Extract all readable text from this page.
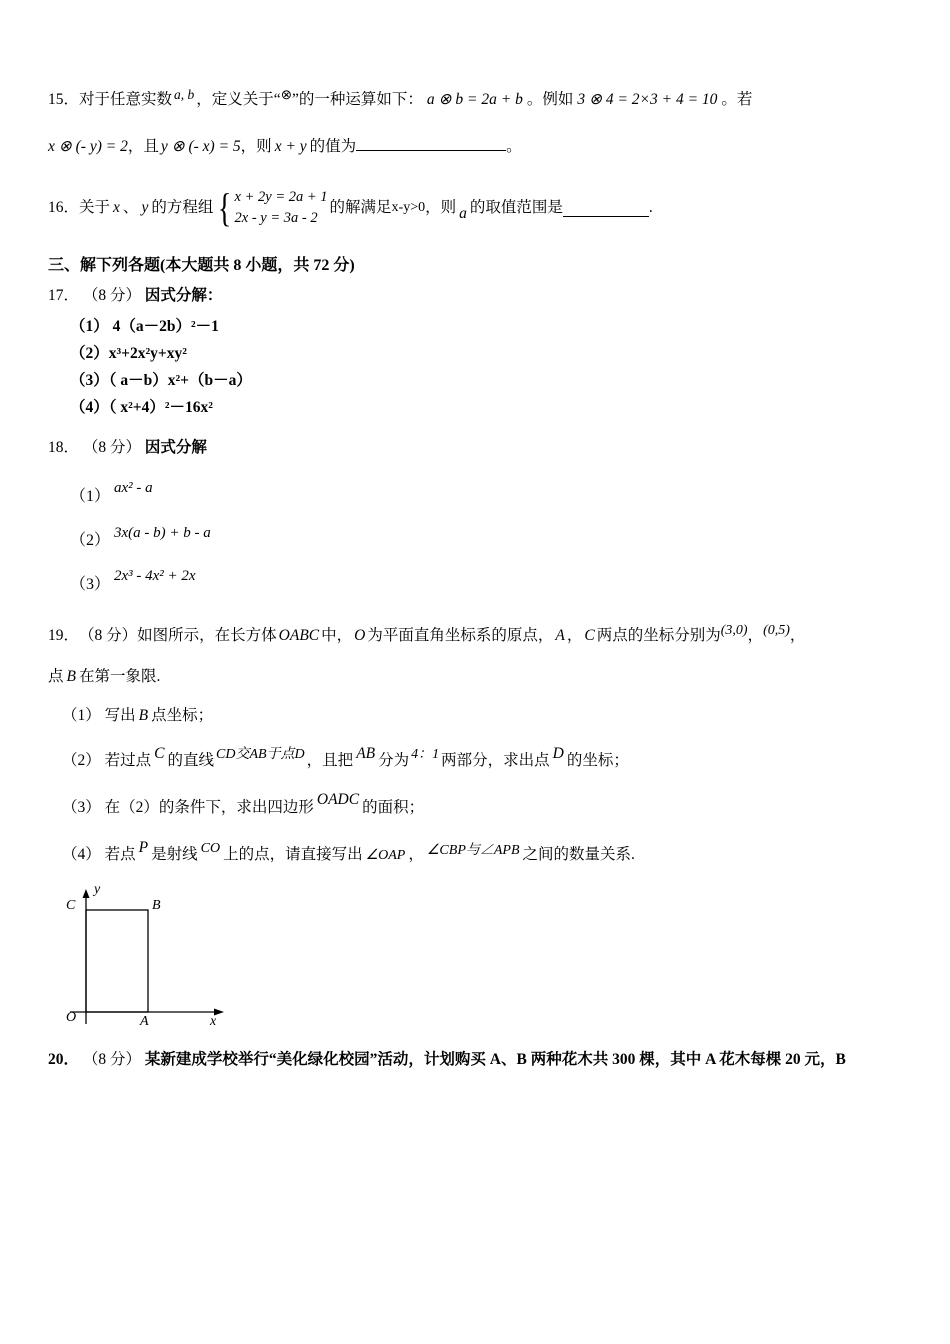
15． 对于任意实数 a, b ，定义关于 “ ⊗ ” 的一种运算如下： a ⊗ b = 2a + b 。例如 3 ⊗ 4 = 2×3 + 4 = 10 。若
x ⊗ (- y) = 2 ，且 y ⊗ (- x) = 5 ，则 x + y 的值为	。
16． 关于 x 、 y 的方程组 { x + 2y = 2a + 1
2x - y = 3a - 2
的解满足 x-y>0 ，则 a 的取值范围是	.
三、解下列各题(本大题共 8 小题，共 72 分)
17． （8 分） 因式分解：
（1） 4（a－2b）²－1
（2）x³+2x²y+xy²
（3）（ a－b）x²+（b－a）
（4）（ x²+4）²－16x²
18． （8 分） 因式分解
（1） ax² - a
（2） 3x(a - b) + b - a
（3） 2x³ - 4x² + 2x
19． （8 分） 如图所示，在长方体 OABC 中， O 为平面直角坐标系的原点， A ， C 两点的坐标分别为 (3,0) ， (0,5) ，
点 B 在第一象限.
（1） 写出 B 点坐标；
（2） 若过点 C 的直线 CD交AB于点D ，且把 AB 分为 4：1 两部分，求出点 D 的坐标；
（3） 在（2）的条件下，求出四边形 OADC 的面积；
（4） 若点 P 是射线 CO 上的点，请直接写出 ∠OAP ， ∠CBP与∠APB 之间的数量关系.
y
x
O	A
B
C
20． （8 分） 某新建成学校举行“美化绿化校园”活动，计划购买 A、B 两种花木共 300 棵，其中 A 花木每棵 20 元，B
